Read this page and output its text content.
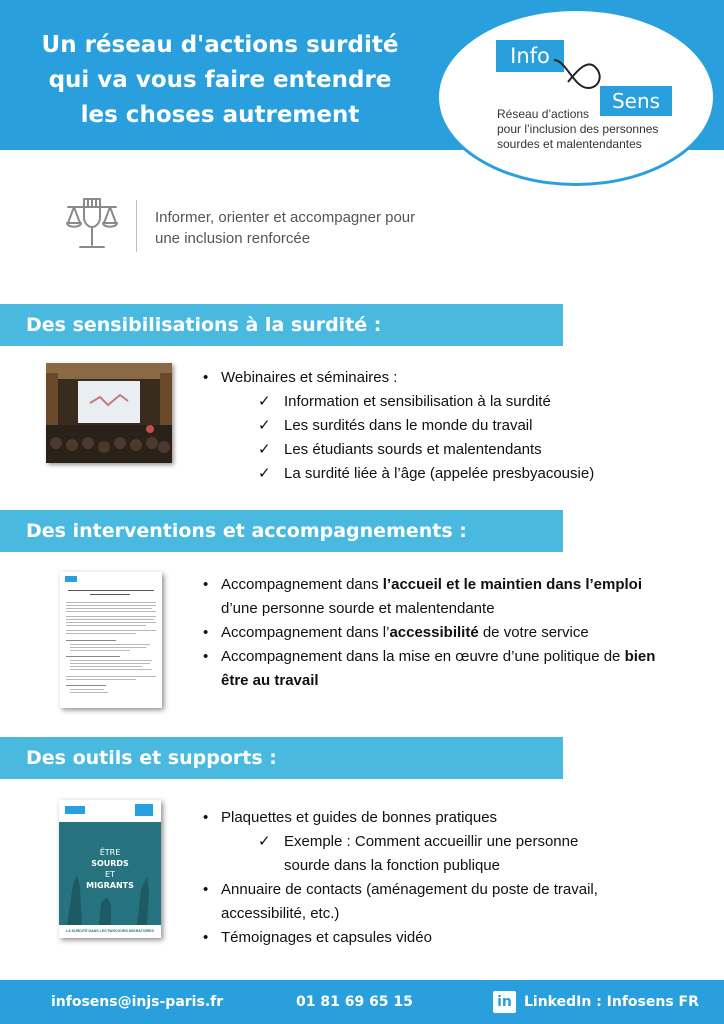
Un réseau d'actions surdité
qui va vous faire entendre
les choses autrement
Info
Sens
Réseau d’actions
pour l’inclusion des personnes
sourdes et malentendantes
Informer, orienter et accompagner pour
une inclusion renforcée
Des sensibilisations à la surdité :
• Webinaires et séminaires :
✓ Information et sensibilisation à la surdité
✓ Les surdités dans le monde du travail
✓ Les étudiants sourds et malentendants
✓ La surdité liée à l’âge (appelée presbyacousie)
Des interventions et accompagnements :
• Accompagnement dans l’accueil et le maintien dans l’emploi d’une personne sourde et malentendante
• Accompagnement dans l’accessibilité de votre service
• Accompagnement dans la mise en œuvre d’une politique de bien être au travail
Des outils et supports :
ÊTRE
SOURDS
ET
MIGRANTS
LA SURDITÉ DANS LES PARCOURS MIGRATOIRES
• Plaquettes et guides de bonnes pratiques
✓ Exemple : Comment accueillir une personne sourde dans la fonction publique
• Annuaire de contacts (aménagement du poste de travail, accessibilité, etc.)
• Témoignages et capsules vidéo
infosens@injs-paris.fr	01 81 69 65 15	in LinkedIn : Infosens FR
